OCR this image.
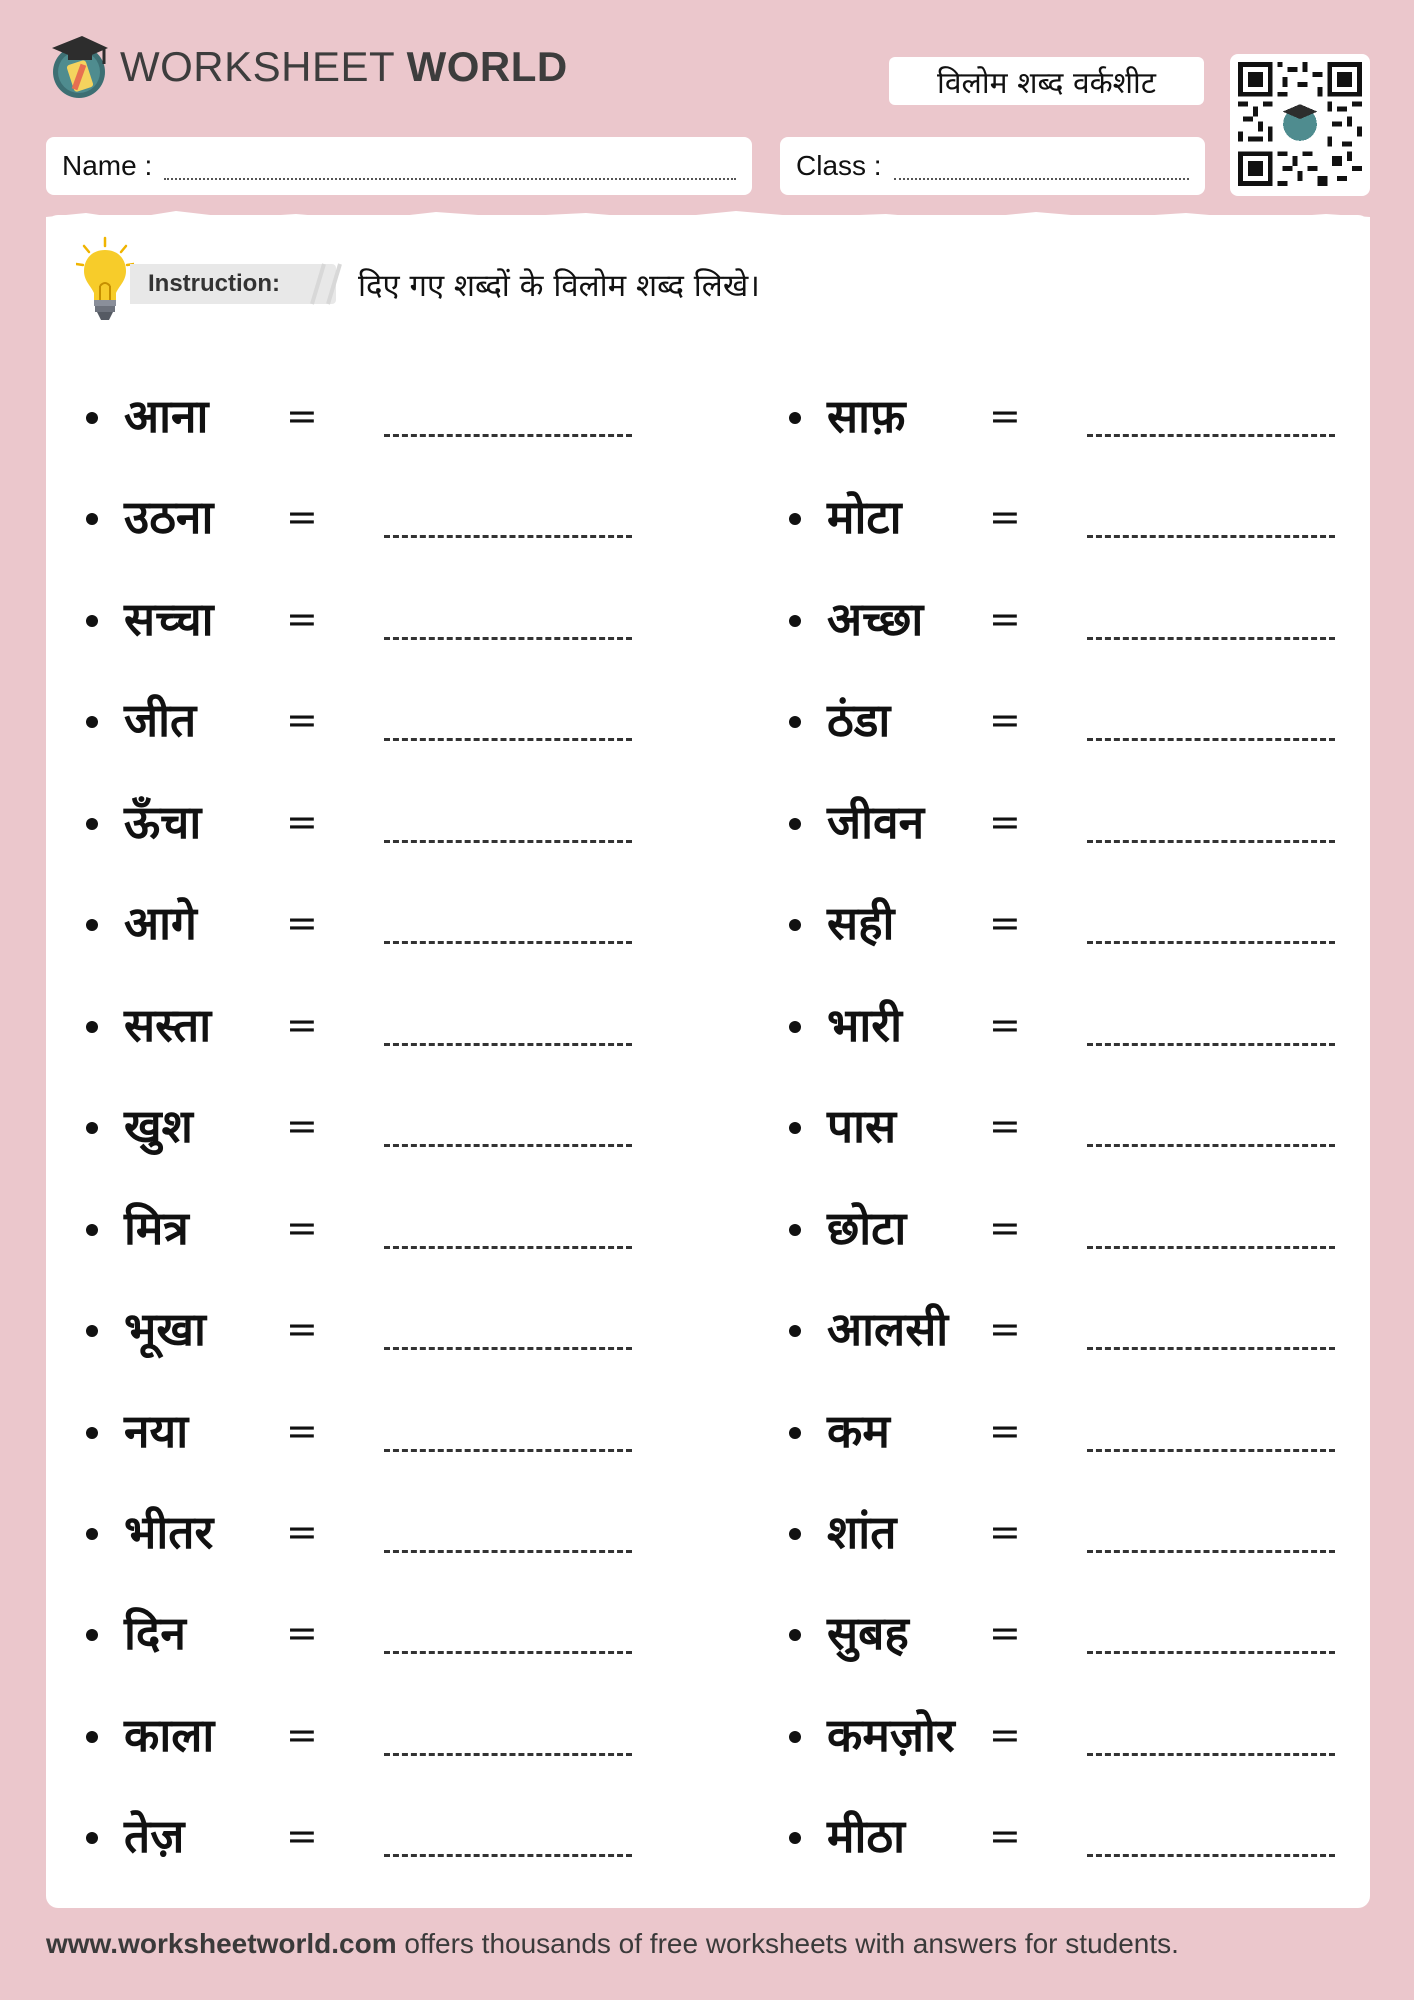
WORKSHEET WORLD	विलोम शब्द वर्कशीट
Name :	Class :
Instruction:	दिए गए शब्दों के विलोम शब्द लिखे।
आना =
उठना =
सच्चा =
जीत =
ऊँचा =
आगे =
सस्ता =
खुश =
मित्र	=
भूखा =
नया	=
भीतर =
दिन	=
काला =
तेज़	=
साफ़ =
मोटा =
अच्छा =
ठंडा	=
जीवन =
सही =
भारी =
पास =
छोटा =
आलसी =
कम	=
शांत =
सुबह =
कमज़ोर =
मीठा =
www.worksheetworld.com offers thousands of free worksheets with answers for students.
